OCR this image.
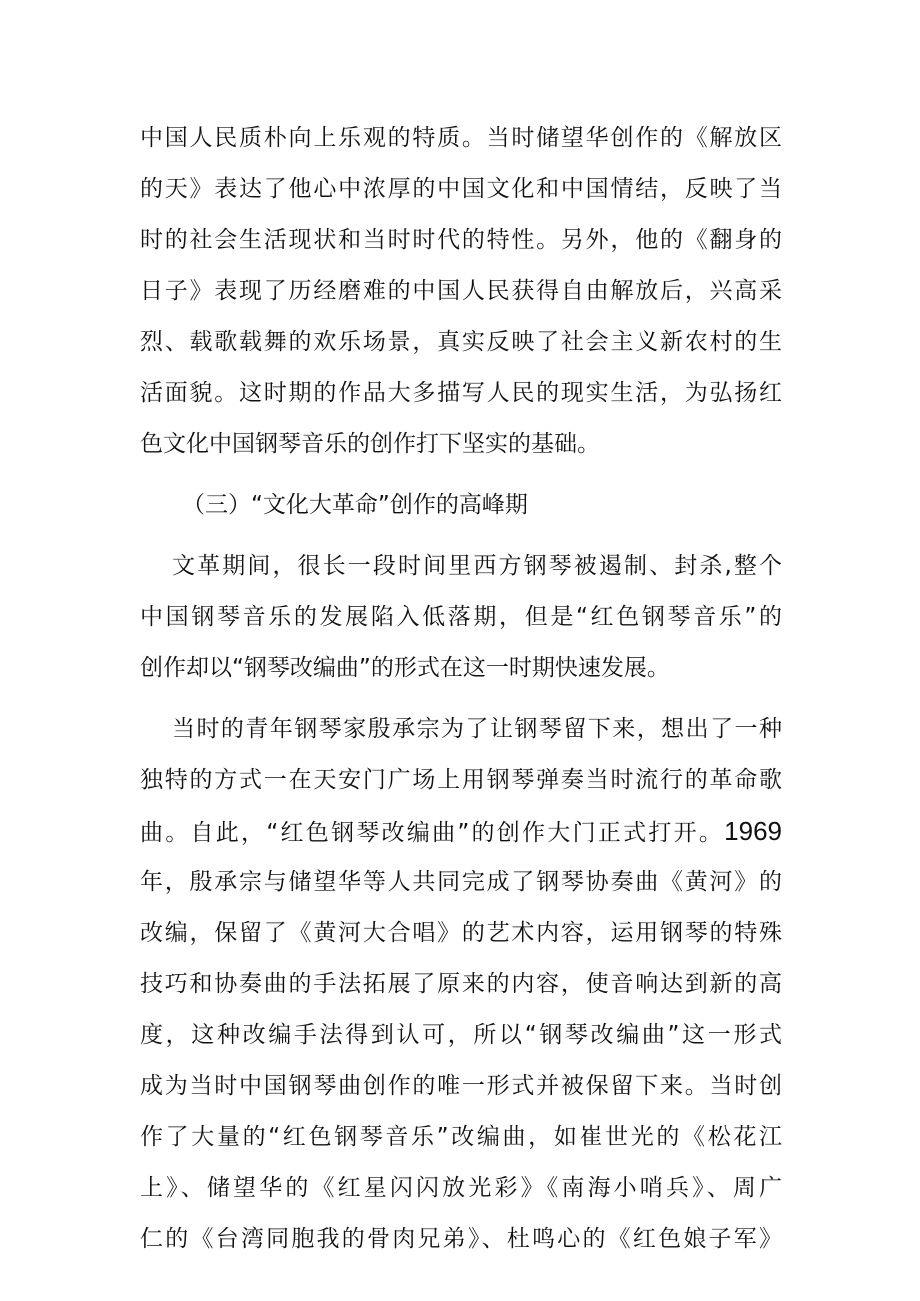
中国人民质朴向上乐观的特质。当时储望华创作的《解放区
的天》表达了他心中浓厚的中国文化和中国情结，反映了当
时的社会生活现状和当时时代的特性。另外，他的《翻身的
日子》表现了历经磨难的中国人民获得自由解放后，兴高采
烈、载歌载舞的欢乐场景，真实反映了社会主义新农村的生
活面貌。这时期的作品大多描写人民的现实生活，为弘扬红
色文化中国钢琴音乐的创作打下坚实的基础。
（三）“文化大革命”创作的高峰期
文革期间，很长一段时间里西方钢琴被遏制、封杀,整个
中国钢琴音乐的发展陷入低落期，但是“红色钢琴音乐”的
创作却以“钢琴改编曲”的形式在这一时期快速发展。
当时的青年钢琴家殷承宗为了让钢琴留下来，想出了一种
独特的方式一在天安门广场上用钢琴弹奏当时流行的革命歌
曲。自此，“红色钢琴改编曲”的创作大门正式打开。1969
年，殷承宗与储望华等人共同完成了钢琴协奏曲《黄河》的
改编，保留了《黄河大合唱》的艺术内容，运用钢琴的特殊
技巧和协奏曲的手法拓展了原来的内容，使音响达到新的高
度，这种改编手法得到认可，所以“钢琴改编曲”这一形式
成为当时中国钢琴曲创作的唯一形式并被保留下来。当时创
作了大量的“红色钢琴音乐”改编曲，如崔世光的《松花江
上》、储望华的《红星闪闪放光彩》《南海小哨兵》、周广
仁的《台湾同胞我的骨肉兄弟》、杜鸣心的《红色娘子军》
